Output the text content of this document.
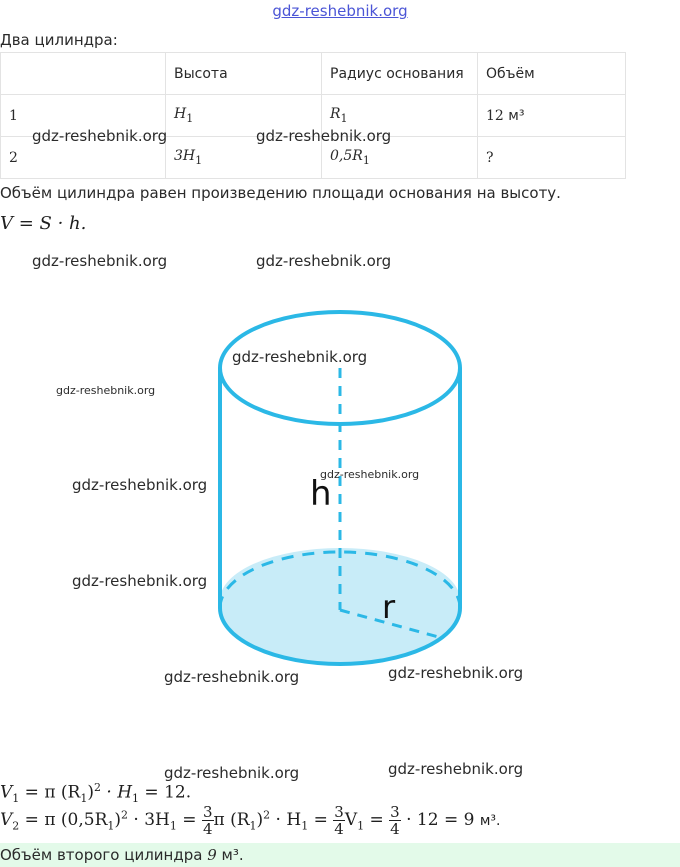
gdz-reshebnik.org
Два цилиндра:
	Высота	Радиус основания	Объём
1	$H_1$	$R_1$	12 м³
2	$3H_1$	$0,5R_1$	?
Объём цилиндра равен произведению площади основания на высоту.
V = S · h.
h
r
gdz-reshebnik.org	gdz-reshebnik.org
gdz-reshebnik.org	gdz-reshebnik.org
gdz-reshebnik.org
gdz-reshebnik.org
gdz-reshebnik.org
gdz-reshebnik.org
gdz-reshebnik.org
gdz-reshebnik.org	gdz-reshebnik.org
gdz-reshebnik.org	gdz-reshebnik.org
$V_1 = \pi$ $(R_1)^2 \cdot H_1 = 12$.
$V_2 = \pi$ $(0,5R_1)^2 \cdot 3H_1 = \frac{3}{4}$ π $(R_1)^2 \cdot H_1 = \frac{3}{4} V_1 = \frac{3}{4} \cdot 12 = 9$ м³.
Объём второго цилиндра 9 м³.
